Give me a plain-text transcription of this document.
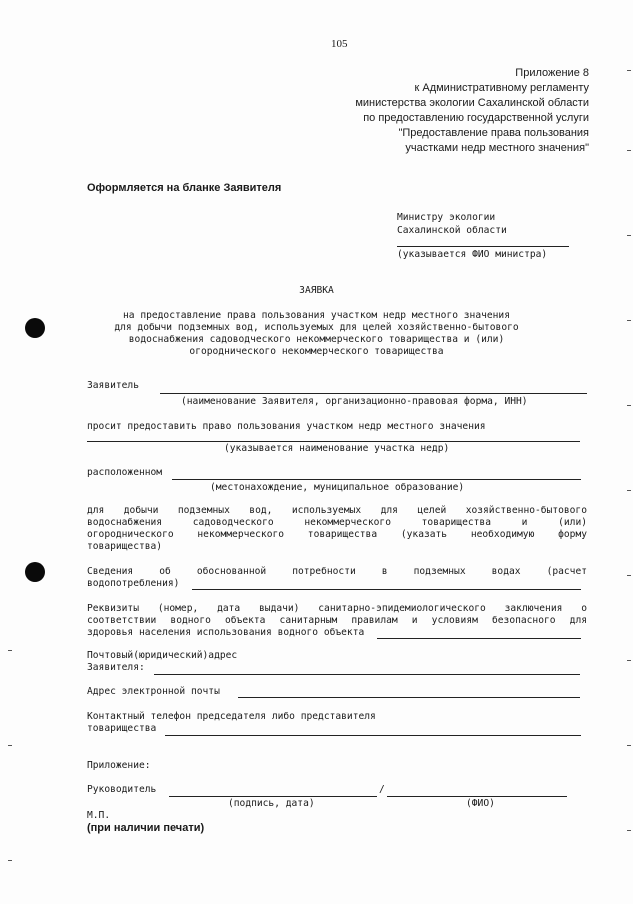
105
Приложение 8
к Административному регламенту
министерства экологии Сахалинской области
по предоставлению государственной услуги
"Предоставление права пользования
участками недр местного значения"
Оформляется на бланке Заявителя
Министру экологии
Сахалинской области
(указывается ФИО министра)
ЗАЯВКА
на предоставление права пользования участком недр местного значения
для добычи подземных вод, используемых для целей хозяйственно-бытового
водоснабжения садоводческого некоммерческого товарищества и (или)
огороднического некоммерческого товарищества
Заявитель
(наименование Заявителя, организационно-правовая форма, ИНН)
просит предоставить право пользования участком недр местного значения
(указывается наименование участка недр)
расположенном
(местонахождение, муниципальное образование)
для добычи подземных вод, используемых для целей хозяйственно-бытового
водоснабжения садоводческого некоммерческого товарищества и (или)
огороднического некоммерческого товарищества (указать необходимую форму
товарищества)
Сведения об обоснованной потребности в подземных водах (расчет
водопотребления)
Реквизиты (номер, дата выдачи) санитарно-эпидемиологического заключения о
соответствии водного объекта санитарным правилам и условиям безопасного для
здоровья населения использования водного объекта
Почтовый(юридический)адрес
Заявителя:
Адрес электронной почты
Контактный телефон председателя либо представителя
товарищества
Приложение:
Руководитель	/
(подпись, дата)	(ФИО)
М.П.
(при наличии печати)
